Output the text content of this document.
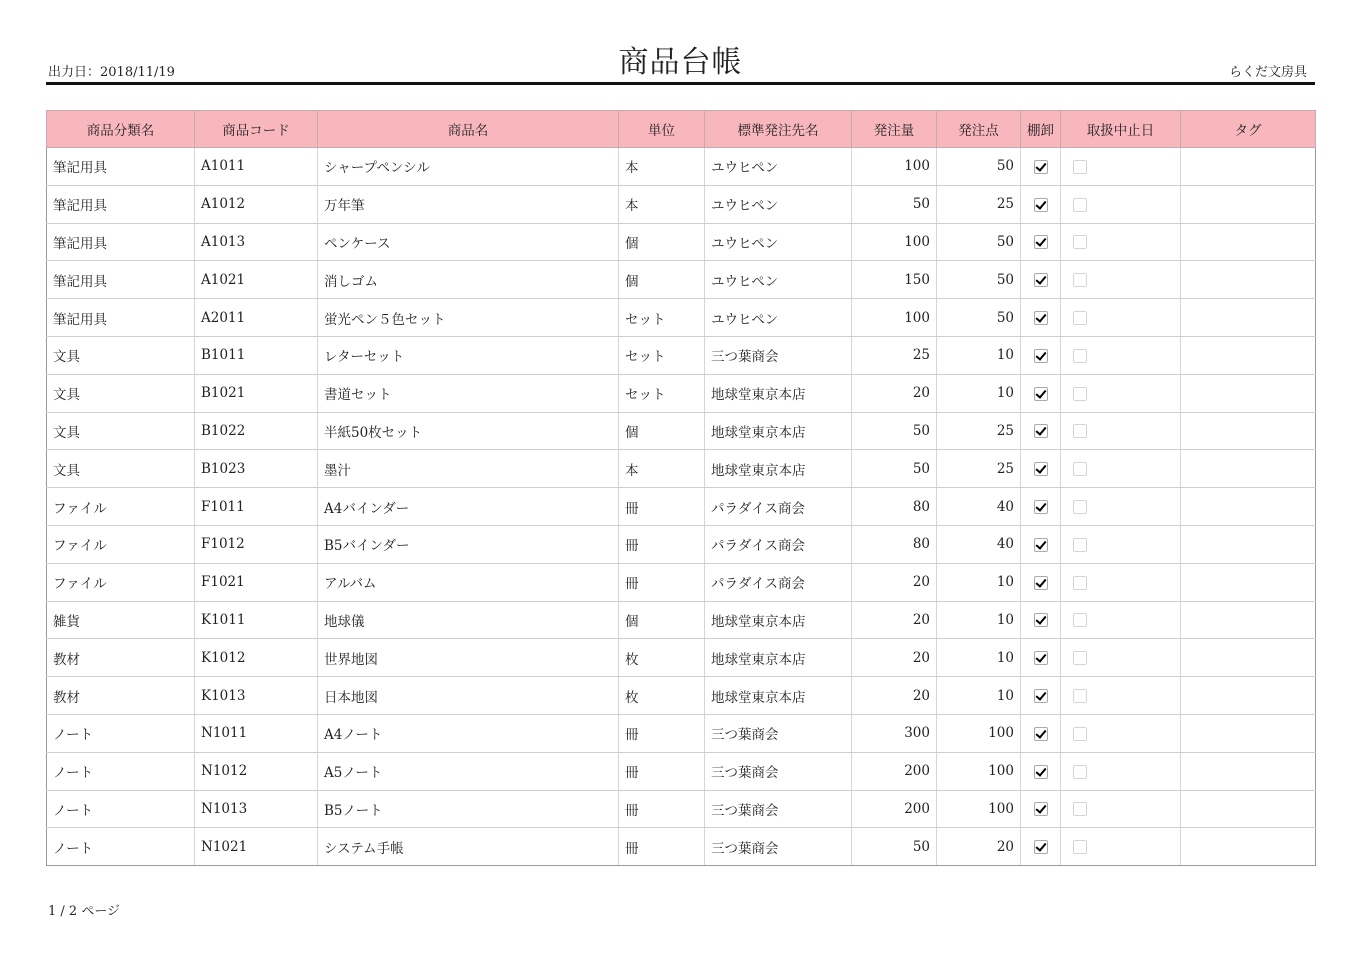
出力日：2018/11/19	商品台帳	らくだ文房具
商品分類名	商品コード	商品名	単位	標準発注先名	発注量	発注点	棚卸	取扱中止日	タグ
筆記用具	A1011	シャープペンシル	本	ユウヒペン	100	50			
筆記用具	A1012	万年筆	本	ユウヒペン	50	25			
筆記用具	A1013	ペンケース	個	ユウヒペン	100	50			
筆記用具	A1021	消しゴム	個	ユウヒペン	150	50			
筆記用具	A2011	蛍光ペン５色セット	セット	ユウヒペン	100	50			
文具	B1011	レターセット	セット	三つ葉商会	25	10			
文具	B1021	書道セット	セット	地球堂東京本店	20	10			
文具	B1022	半紙50枚セット	個	地球堂東京本店	50	25			
文具	B1023	墨汁	本	地球堂東京本店	50	25			
ファイル	F1011	A4バインダー	冊	パラダイス商会	80	40			
ファイル	F1012	B5バインダー	冊	パラダイス商会	80	40			
ファイル	F1021	アルバム	冊	パラダイス商会	20	10			
雑貨	K1011	地球儀	個	地球堂東京本店	20	10			
教材	K1012	世界地図	枚	地球堂東京本店	20	10			
教材	K1013	日本地図	枚	地球堂東京本店	20	10			
ノート	N1011	A4ノート	冊	三つ葉商会	300	100			
ノート	N1012	A5ノート	冊	三つ葉商会	200	100			
ノート	N1013	B5ノート	冊	三つ葉商会	200	100			
ノート	N1021	システム手帳	冊	三つ葉商会	50	20			
1 / 2 ページ
